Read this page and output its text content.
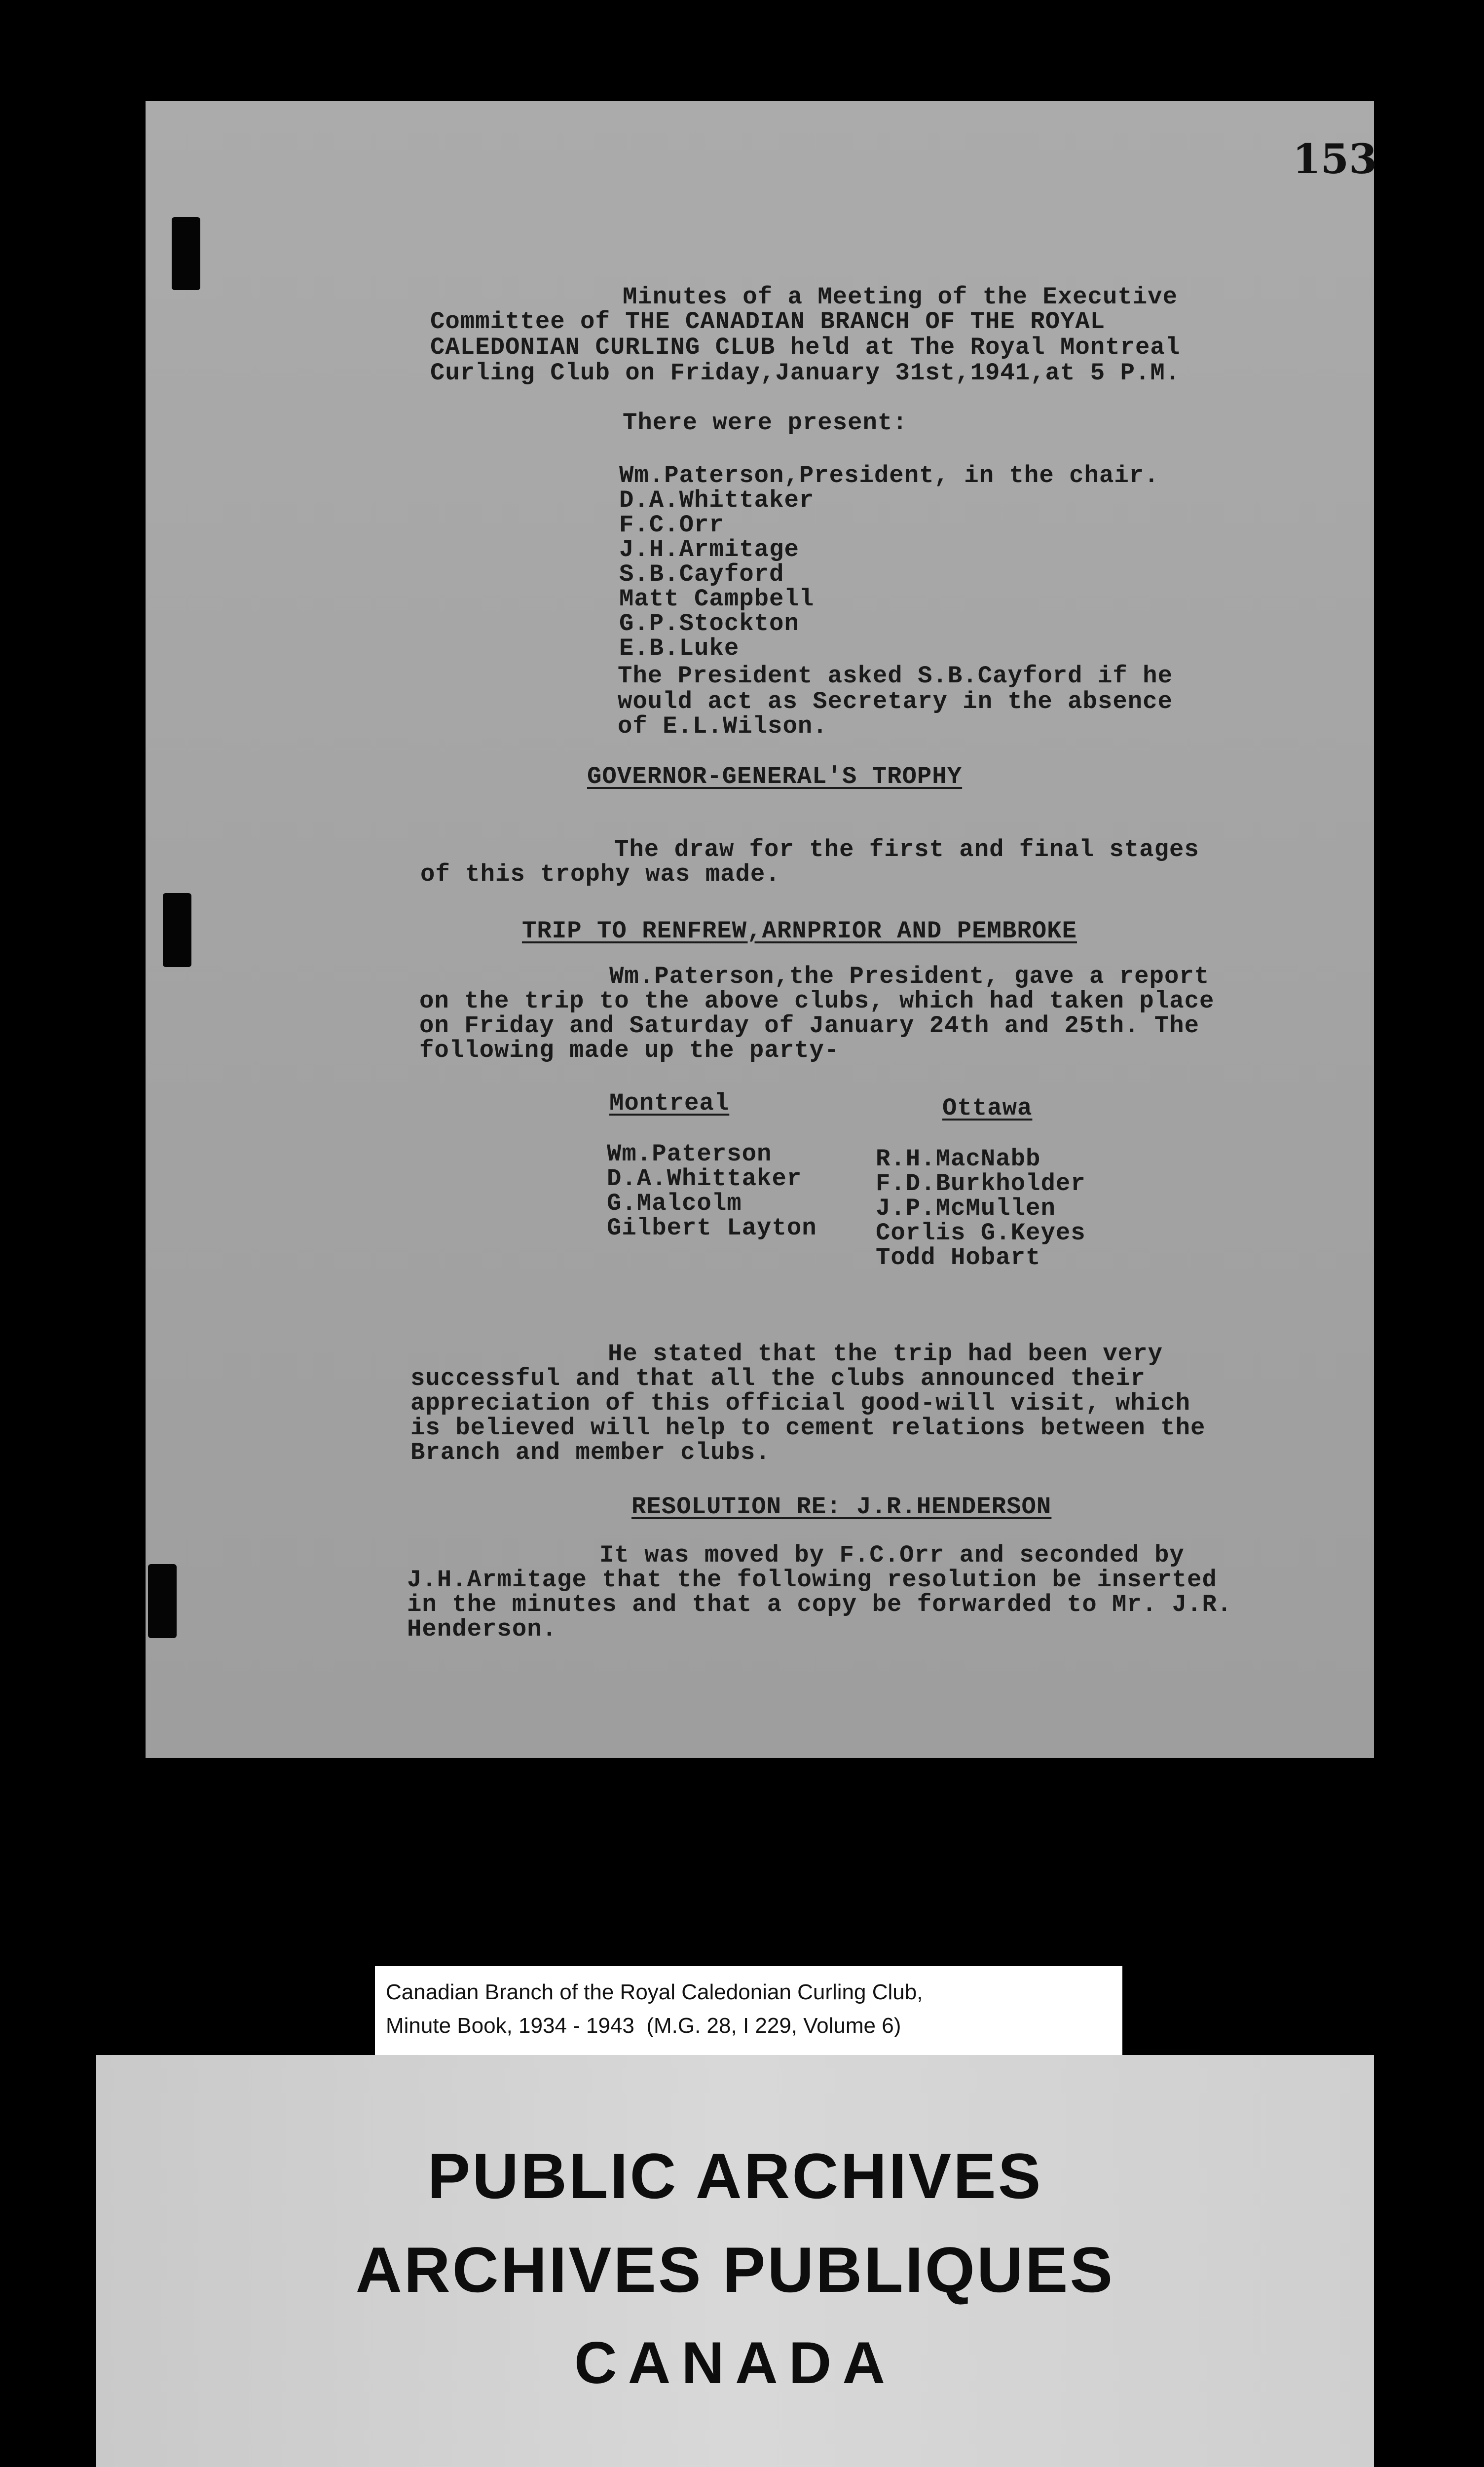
153
Minutes of a Meeting of the Executive
Committee of THE CANADIAN BRANCH OF THE ROYAL
CALEDONIAN CURLING CLUB held at The Royal Montreal
Curling Club on Friday,January 31st,1941,at 5 P.M.
There were present:
Wm.Paterson,President, in the chair.
D.A.Whittaker
F.C.Orr
J.H.Armitage
S.B.Cayford
Matt Campbell
G.P.Stockton
E.B.Luke
The President asked S.B.Cayford if he
would act as Secretary in the absence
of E.L.Wilson.
GOVERNOR-GENERAL'S TROPHY
The draw for the first and final stages
of this trophy was made.
TRIP TO RENFREW,ARNPRIOR AND PEMBROKE
Wm.Paterson,the President, gave a report
on the trip to the above clubs, which had taken place
on Friday and Saturday of January 24th and 25th. The
following made up the party-
Montreal
Wm.Paterson
D.A.Whittaker
G.Malcolm
Gilbert Layton
Ottawa
R.H.MacNabb
F.D.Burkholder
J.P.McMullen
Corlis G.Keyes
Todd Hobart
He stated that the trip had been very
successful and that all the clubs announced their
appreciation of this official good-will visit, which
is believed will help to cement relations between the
Branch and member clubs.
RESOLUTION RE: J.R.HENDERSON
It was moved by F.C.Orr and seconded by
J.H.Armitage that the following resolution be inserted
in the minutes and that a copy be forwarded to Mr. J.R.
Henderson.
Canadian Branch of the Royal Caledonian Curling Club,
Minute Book, 1934 - 1943  (M.G. 28, I 229, Volume 6)
PUBLIC ARCHIVES
ARCHIVES PUBLIQUES
CANADA
